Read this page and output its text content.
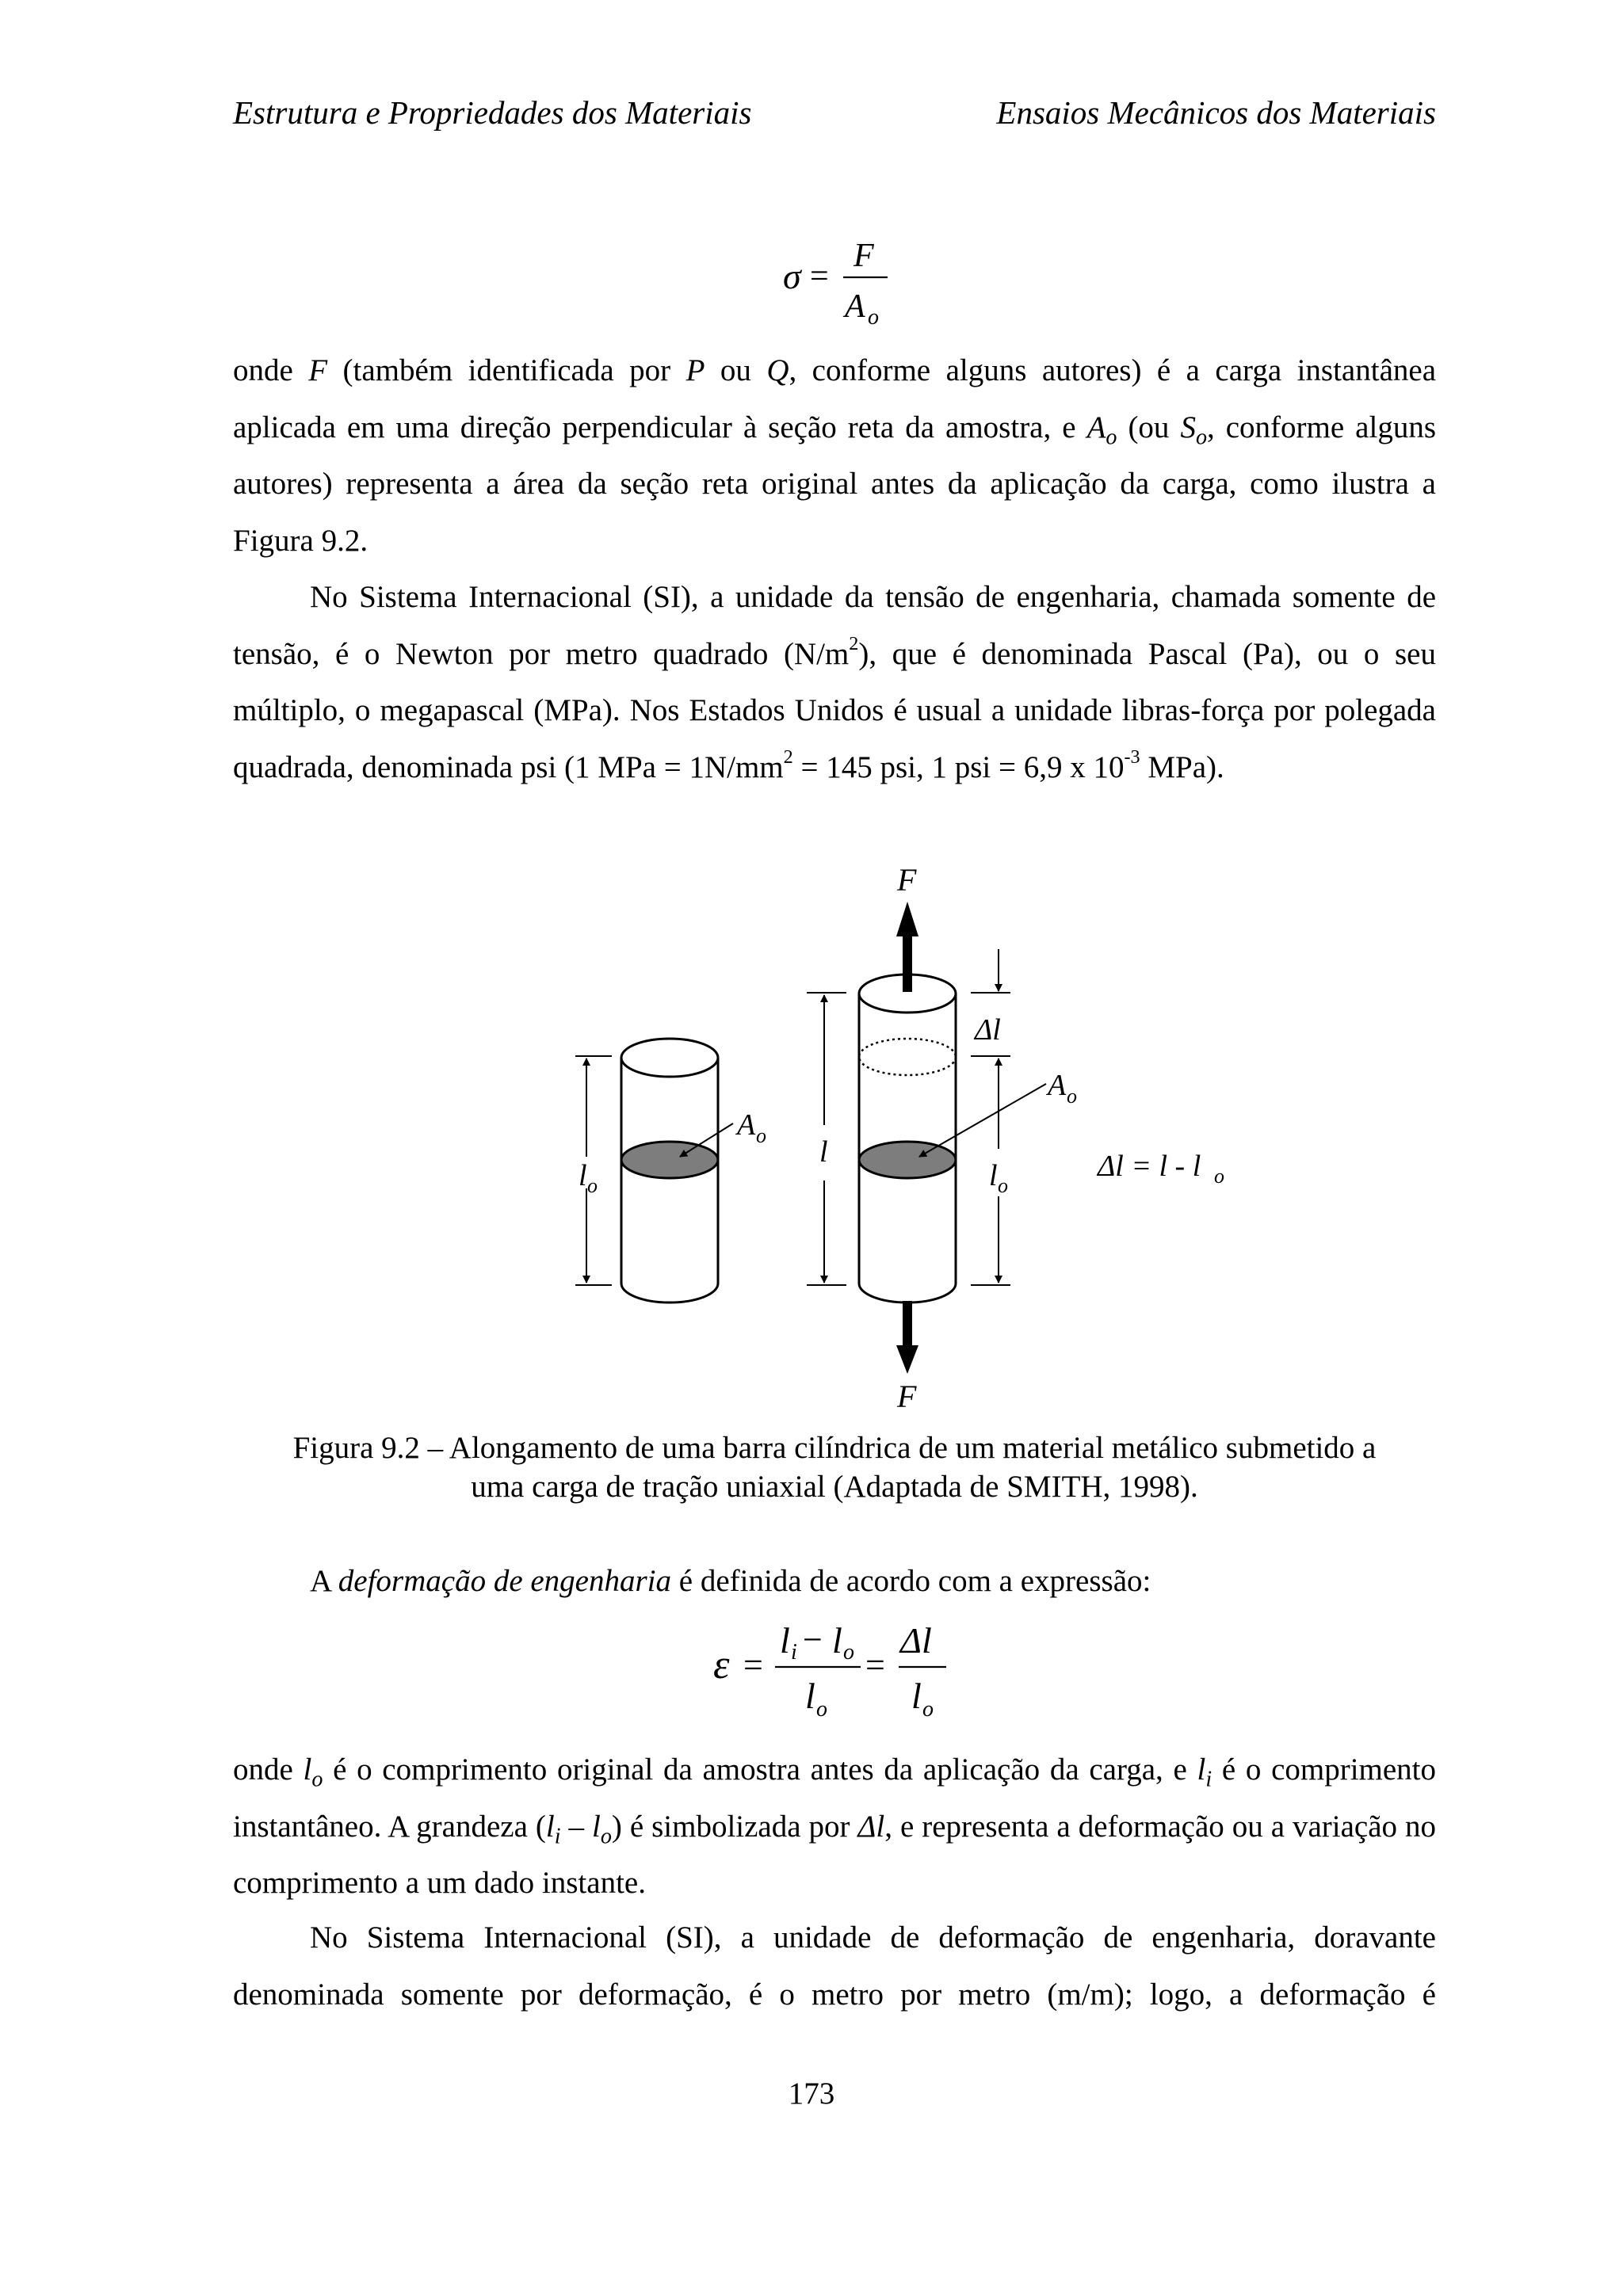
Estrutura e Propriedades dos Materiais	Ensaios Mecânicos dos Materiais
σ =
F
A o
onde F (também identificada por P ou Q, conforme alguns autores) é a carga instantânea aplicada em uma direção perpendicular à seção reta da amostra, e $A_o$ (ou $S_o$, conforme alguns autores) representa a área da seção reta original antes da aplicação da carga, como ilustra a Figura 9.2.
No Sistema Internacional (SI), a unidade da tensão de engenharia, chamada somente de tensão, é o Newton por metro quadrado $(N/m^2)$, que é denominada Pascal (Pa), ou o seu múltiplo, o megapascal (MPa). Nos Estados Unidos é usual a unidade libras-força por polegada quadrada, denominada psi (1 MPa = $1N/mm^2 = 145$ psi, 1 psi = 6,9 x $10^{-3}$ MPa).
l o
A o
F
F
l
Δl
l o
A o
Δl = l - l o
Figura 9.2 – Alongamento de uma barra cilíndrica de um material metálico submetido a
uma carga de tração uniaxial (Adaptada de SMITH, 1998).
A deformação de engenharia é definida de acordo com a expressão:
ε =
l i − l o
l o
=
Δl
l o
onde $l_o$ é o comprimento original da amostra antes da aplicação da carga, e $l_i$ é o comprimento instantâneo. A grandeza $(l_i - l_o)$ é simbolizada por Δl, e representa a deformação ou a variação no comprimento a um dado instante.
No Sistema Internacional (SI), a unidade de deformação de engenharia, doravante denominada somente por deformação, é o metro por metro (m/m); logo, a deformação é
173
